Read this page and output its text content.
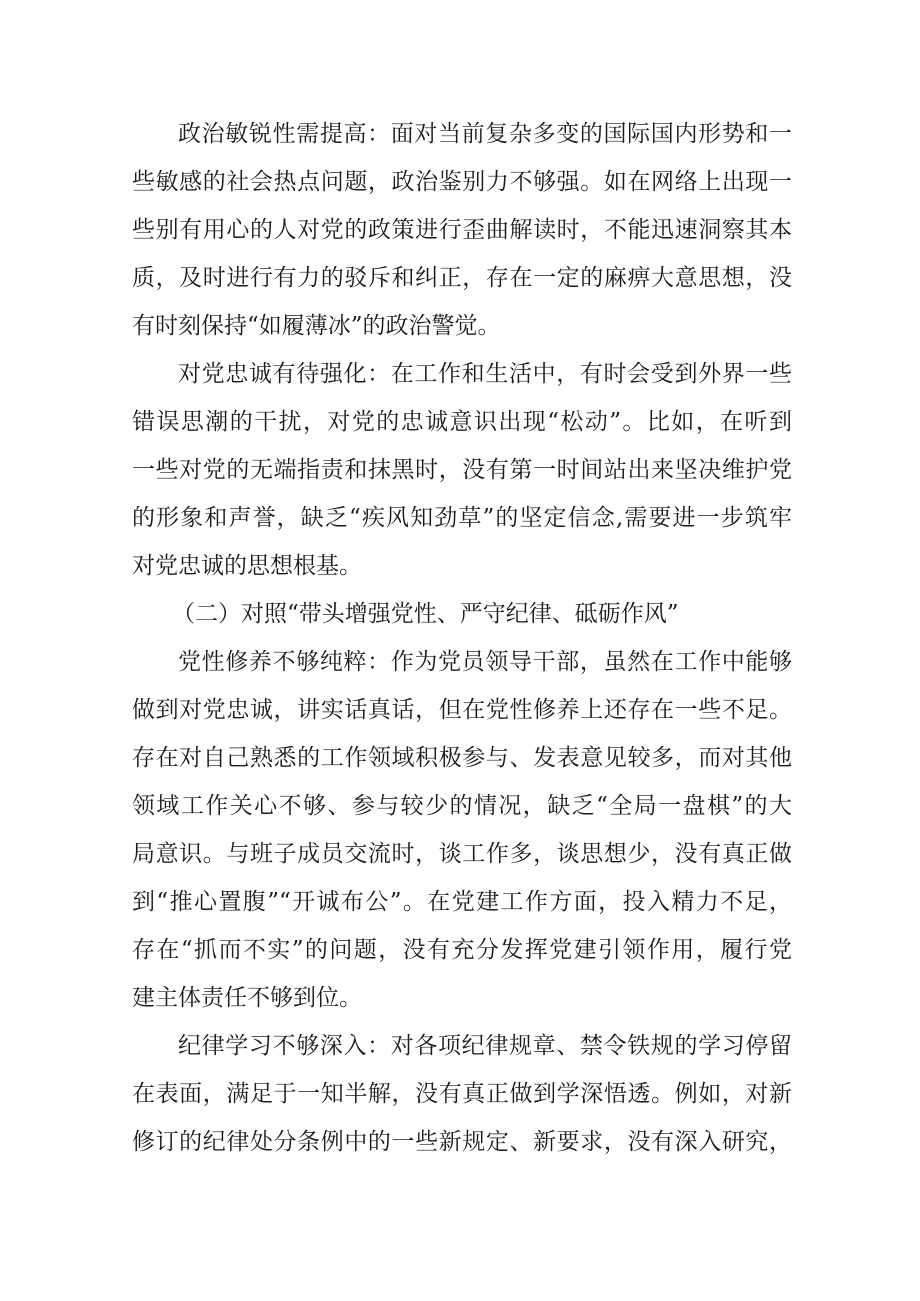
政治敏锐性需提高：面对当前复杂多变的国际国内形势和一
些敏感的社会热点问题，政治鉴别力不够强。如在网络上出现一
些别有用心的人对党的政策进行歪曲解读时，不能迅速洞察其本
质，及时进行有力的驳斥和纠正，存在一定的麻痹大意思想，没
有时刻保持“如履薄冰”的政治警觉。
对党忠诚有待强化：在工作和生活中，有时会受到外界一些
错误思潮的干扰，对党的忠诚意识出现“松动”。比如，在听到
一些对党的无端指责和抹黑时，没有第一时间站出来坚决维护党
的形象和声誉，缺乏“疾风知劲草”的坚定信念,需要进一步筑牢
对党忠诚的思想根基。
（二）对照“带头增强党性、严守纪律、砥砺作风”
党性修养不够纯粹：作为党员领导干部，虽然在工作中能够
做到对党忠诚，讲实话真话，但在党性修养上还存在一些不足。
存在对自己熟悉的工作领域积极参与、发表意见较多，而对其他
领域工作关心不够、参与较少的情况，缺乏“全局一盘棋”的大
局意识。与班子成员交流时，谈工作多，谈思想少，没有真正做
到“推心置腹”“开诚布公”。在党建工作方面，投入精力不足，
存在“抓而不实”的问题，没有充分发挥党建引领作用，履行党
建主体责任不够到位。
纪律学习不够深入：对各项纪律规章、禁令铁规的学习停留
在表面，满足于一知半解，没有真正做到学深悟透。例如，对新
修订的纪律处分条例中的一些新规定、新要求，没有深入研究，
